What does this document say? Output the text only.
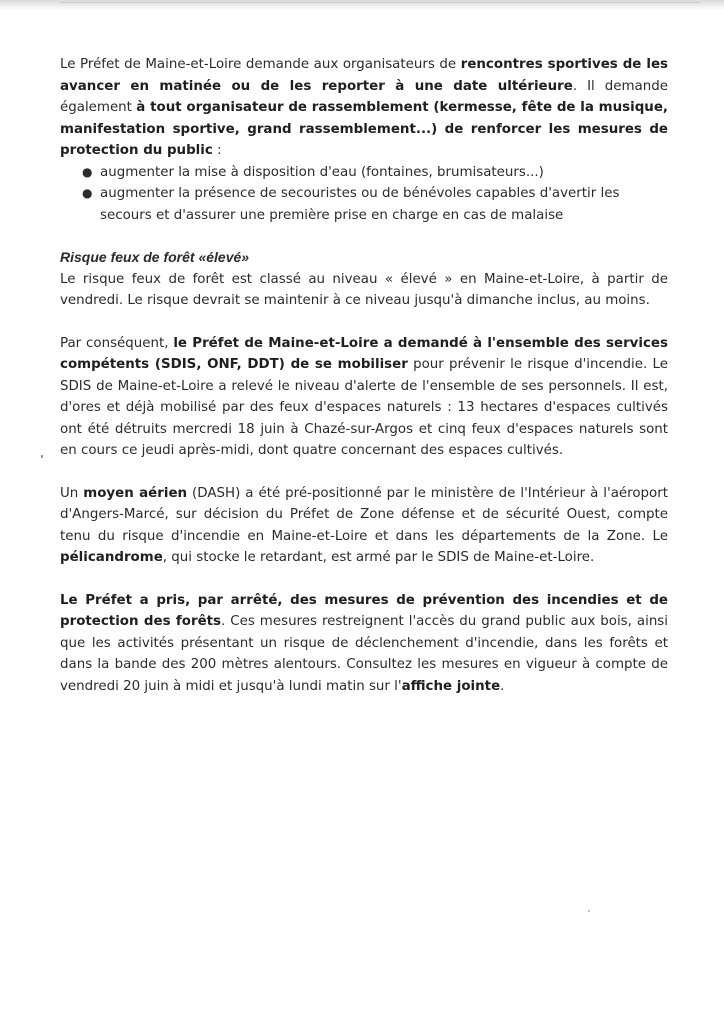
Le Préfet de Maine-et-Loire demande aux organisateurs de rencontres sportives de les avancer en matinée ou de les reporter à une date ultérieure. Il demande également à tout organisateur de rassemblement (kermesse, fête de la musique, manifestation sportive, grand rassemblement...) de renforcer les mesures de protection du public :

● augmenter la mise à disposition d'eau (fontaines, brumisateurs...)
● augmenter la présence de secouristes ou de bénévoles capables d'avertir les secours et d'assurer une première prise en charge en cas de malaise

Risque feux de forêt «élevé»

Le risque feux de forêt est classé au niveau « élevé » en Maine-et-Loire, à partir de vendredi. Le risque devrait se maintenir à ce niveau jusqu'à dimanche inclus, au moins.

Par conséquent, le Préfet de Maine-et-Loire a demandé à l'ensemble des services compétents (SDIS, ONF, DDT) de se mobiliser pour prévenir le risque d'incendie. Le SDIS de Maine-et-Loire a relevé le niveau d'alerte de l'ensemble de ses personnels. Il est, d'ores et déjà mobilisé par des feux d'espaces naturels : 13 hectares d'espaces cultivés ont été détruits mercredi 18 juin à Chazé-sur-Argos et cinq feux d'espaces naturels sont en cours ce jeudi après-midi, dont quatre concernant des espaces cultivés.

Un moyen aérien (DASH) a été pré-positionné par le ministère de l'Intérieur à l'aéroport d'Angers-Marcé, sur décision du Préfet de Zone défense et de sécurité Ouest, compte tenu du risque d'incendie en Maine-et-Loire et dans les départements de la Zone. Le pélicandrome, qui stocke le retardant, est armé par le SDIS de Maine-et-Loire.

Le Préfet a pris, par arrêté, des mesures de prévention des incendies et de protection des forêts. Ces mesures restreignent l'accès du grand public aux bois, ainsi que les activités présentant un risque de déclenchement d'incendie, dans les forêts et dans la bande des 200 mètres alentours. Consultez les mesures en vigueur à compte de vendredi 20 juin à midi et jusqu'à lundi matin sur l'affiche jointe.
